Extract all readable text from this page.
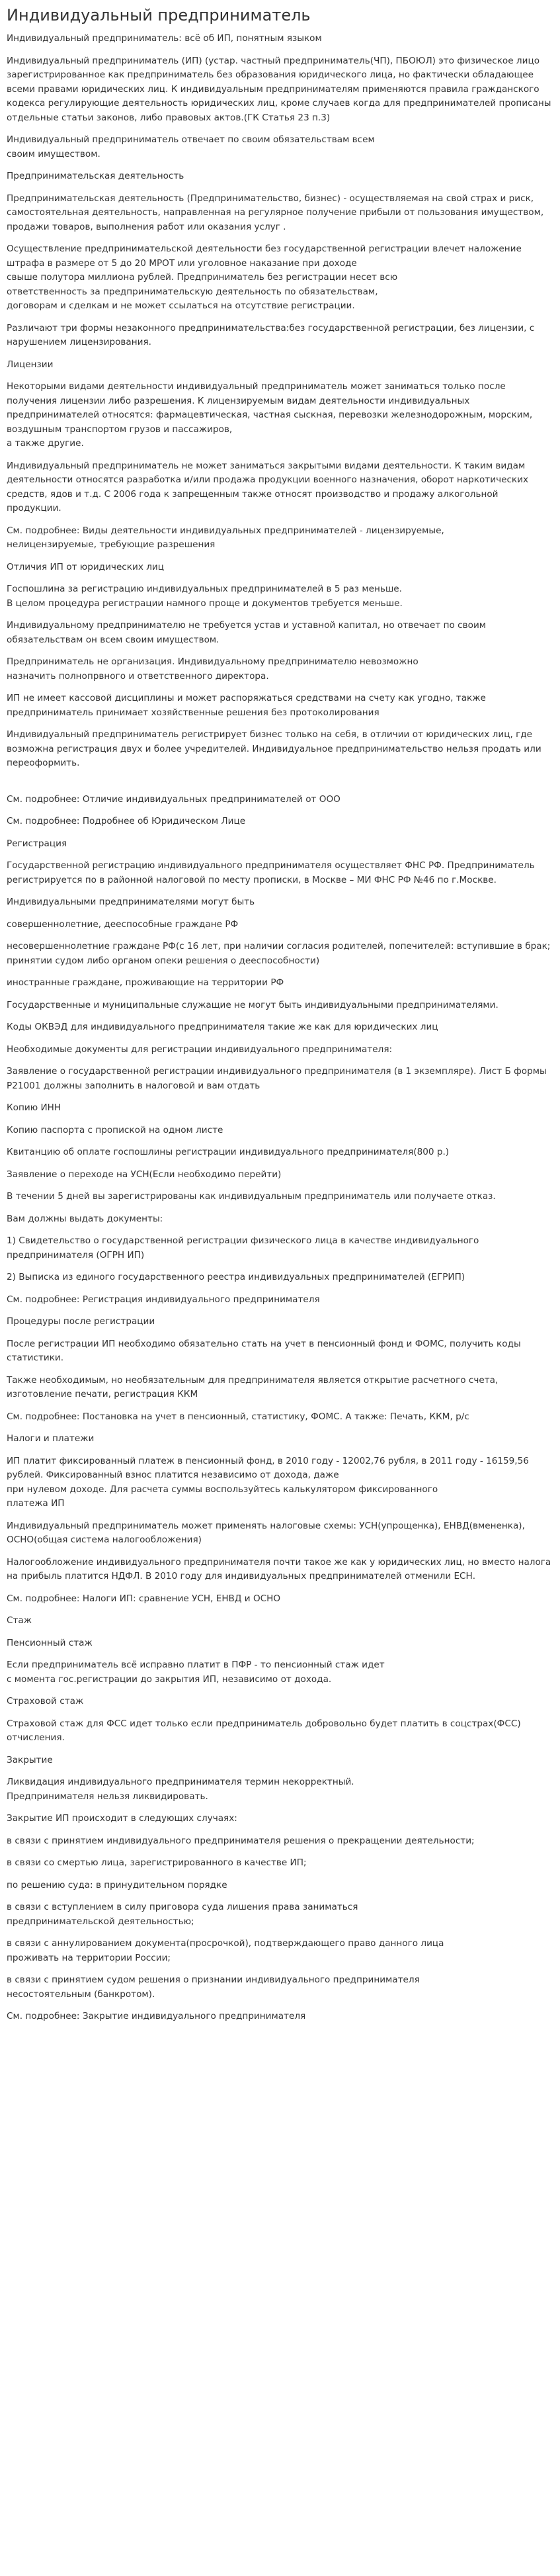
Индивидуальный предприниматель

Индивидуальный предприниматель: всё об ИП, понятным языком

Индивидуальный предприниматель (ИП) (устар. частный предприниматель(ЧП), ПБОЮЛ) это физическое лицо зарегистрированное как предприниматель без образования юридического лица, но фактически обладающее всеми правами юридических лиц. К индивидуальным предпринимателям применяются правила гражданского кодекса регулирующие деятельность юридических лиц, кроме случаев когда для предпринимателей прописаны отдельные статьи законов, либо правовых актов.(ГК Статья 23 п.3)

Индивидуальный предприниматель отвечает по своим обязательствам всем
своим имуществом.

Предпринимательская деятельность

Предпринимательская деятельность (Предпринимательство, бизнес) - осуществляемая на свой страх и риск, самостоятельная деятельность, направленная на регулярное получение прибыли от пользования имуществом, продажи товаров, выполнения работ или оказания услуг .

Осуществление предпринимательской деятельности без государственной регистрации влечет наложение штрафа в размере от 5 до 20 МРОТ или уголовное наказание при доходе
свыше полутора миллиона рублей. Предприниматель без регистрации несет всю
ответственность за предпринимательскую деятельность по обязательствам,
договорам и сделкам и не может ссылаться на отсутствие регистрации.

Различают три формы незаконного предпринимательства:без государственной регистрации, без лицензии, с нарушением лицензирования.

Лицензии

Некоторыми видами деятельности индивидуальный предприниматель может заниматься только после получения лицензии либо разрешения. К лицензируемым видам деятельности индивидуальных предпринимателей относятся: фармацевтическая, частная сыскная, перевозки железнодорожным, морским, воздушным транспортом грузов и пассажиров,
а также другие.

Индивидуальный предприниматель не может заниматься закрытыми видами деятельности. К таким видам деятельности относятся разработка и/или продажа продукции военного назначения, оборот наркотических средств, ядов и т.д. С 2006 года к запрещенным также относят производство и продажу алкогольной продукции.

См. подробнее: Виды деятельности индивидуальных предпринимателей - лицензируемые,
нелицензируемые, требующие разрешения

Отличия ИП от юридических лиц

Госпошлина за регистрацию индивидуальных предпринимателей в 5 раз меньше.
В целом процедура регистрации намного проще и документов требуется меньше.

Индивидуальному предпринимателю не требуется устав и уставной капитал, но отвечает по своим обязательствам он всем своим имуществом.

Предприниматель не организация. Индивидуальному предпринимателю невозможно
назначить полнопрвного и ответственного директора.

ИП не имеет кассовой дисциплины и может распоряжаться средствами на счету как угодно, также предприниматель принимает хозяйственные решения без протоколирования

Индивидуальный предприниматель регистрирует бизнес только на себя, в отличии от юридических лиц, где возможна регистрация двух и более учредителей. Индивидуальное предпринимательство нельзя продать или переоформить.

См. подробнее: Отличие индивидуальных предпринимателей от ООО

См. подробнее: Подробнее об Юридическом Лице

Регистрация

Государственной регистрацию индивидуального предпринимателя осуществляет ФНС РФ. Предприниматель регистрируется по в районной налоговой по месту прописки, в Москве – МИ ФНС РФ №46 по г.Москве.

Индивидуальными предпринимателями могут быть

совершеннолетние, дееспособные граждане РФ

несовершеннолетние граждане РФ(с 16 лет, при наличии согласия родителей, попечителей: вступившие в брак; принятии судом либо органом опеки решения о дееспособности)

иностранные граждане, проживающие на территории РФ

Государственные и муниципальные служащие не могут быть индивидуальными предпринимателями.

Коды ОКВЭД для индивидуального предпринимателя такие же как для юридических лиц

Необходимые документы для регистрации индивидуального предпринимателя:

Заявление о государственной регистрации индивидуального предпринимателя (в 1 экземпляре). Лист Б формы Р21001 должны заполнить в налоговой и вам отдать

Копию ИНН

Копию паспорта с пропиской на одном листе

Квитанцию об оплате госпошлины регистрации индивидуального предпринимателя(800 р.)

Заявление о переходе на УСН(Если необходимо перейти)

В течении 5 дней вы зарегистрированы как индивидуальным предприниматель или получаете отказ.

Вам должны выдать документы:

1) Свидетельство о государственной регистрации физического лица в качестве индивидуального предпринимателя (ОГРН ИП)

2) Выписка из единого государственного реестра индивидуальных предпринимателей (ЕГРИП)

См. подробнее: Регистрация индивидуального предпринимателя

Процедуры после регистрации

После регистрации ИП необходимо обязательно стать на учет в пенсионный фонд и ФОМС, получить коды статистики.

Также необходимым, но необязательным для предпринимателя является открытие расчетного счета, изготовление печати, регистрация ККМ

См. подробнее: Постановка на учет в пенсионный, статистику, ФОМС. А также: Печать, ККМ, р/с

Налоги и платежи

ИП платит фиксированный платеж в пенсионный фонд, в 2010 году - 12002,76 рубля, в 2011 году - 16159,56 рублей. Фиксированный взнос платится независимо от дохода, даже
при нулевом доходе. Для расчета суммы воспользуйтесь калькулятором фиксированного
платежа ИП

Индивидуальный предприниматель может применять налоговые схемы: УСН(упрощенка), ЕНВД(вмененка), ОСНО(общая система налогообложения)

Налогообложение индивидуального предпринимателя почти такое же как у юридических лиц, но вместо налога на прибыль платится НДФЛ. В 2010 году для индивидуальных предпринимателей отменили ЕСН.

См. подробнее: Налоги ИП: сравнение УСН, ЕНВД и ОСНО

Стаж

Пенсионный стаж

Если предприниматель всё исправно платит в ПФР - то пенсионный стаж идет
с момента гос.регистрации до закрытия ИП, независимо от дохода.

Страховой стаж

Страховой стаж для ФСС идет только если предприниматель добровольно будет платить в соцстрах(ФСС) отчисления.

Закрытие

Ликвидация индивидуального предпринимателя термин некорректный.
Предпринимателя нельзя ликвидировать.

Закрытие ИП происходит в следующих случаях:

в связи с принятием индивидуального предпринимателя решения о прекращении деятельности;

в связи со смертью лица, зарегистрированного в качестве ИП;

по решению суда: в принудительном порядке

в связи с вступлением в силу приговора суда лишения права заниматься
предпринимательской деятельностью;

в связи с аннулированием документа(просрочкой), подтверждающего право данного лица
проживать на территории России;

в связи с принятием судом решения о признании индивидуального предпринимателя
несостоятельным (банкротом).

См. подробнее: Закрытие индивидуального предпринимателя
